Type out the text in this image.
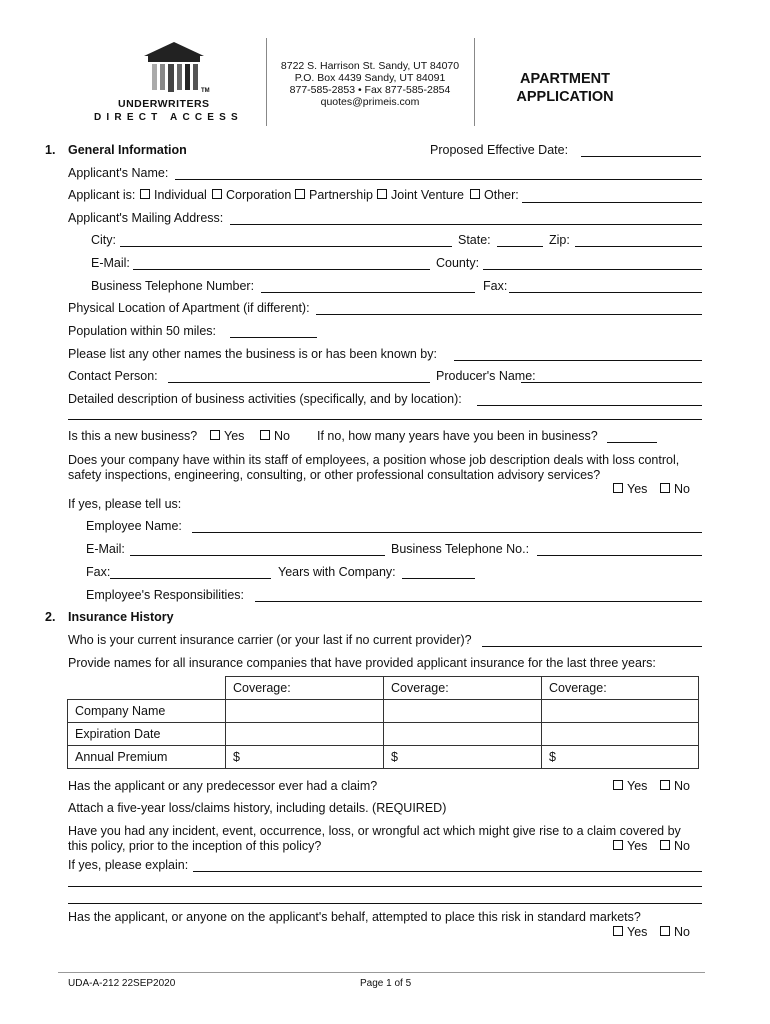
TM
UNDERWRITERS
DIRECT ACCESS
8722 S. Harrison St. Sandy, UT 84070
P.O. Box 4439 Sandy, UT 84091
877-585-2853 • Fax 877-585-2854
quotes@primeis.com
APARTMENT
APPLICATION
1. General Information	Proposed Effective Date:
Applicant's Name:
Applicant is:	Individual	Corporation	Partnership	Joint Venture	Other:
Applicant's Mailing Address:
City:	State:	Zip:
E-Mail:	County:
Business Telephone Number:	Fax:
Physical Location of Apartment (if different):
Population within 50 miles:
Please list any other names the business is or has been known by:
Contact Person:	Producer's Name:
Detailed description of business activities (specifically, and by location):
Is this a new business?	Yes	No If no, how many years have you been in business?
Does your company have within its staff of employees, a position whose job description deals with loss control,
safety inspections, engineering, consulting, or other professional consultation advisory services?
Yes	No
If yes, please tell us:
Employee Name:
E-Mail:	Business Telephone No.:
Fax:	Years with Company:
Employee's Responsibilities:
2. Insurance History
Who is your current insurance carrier (or your last if no current provider)?
Provide names for all insurance companies that have provided applicant insurance for the last three years:
	Coverage:	Coverage:	Coverage:
Company Name			
Expiration Date			
Annual Premium	$	$	$
Has the applicant or any predecessor ever had a claim?	Yes	No
Attach a five-year loss/claims history, including details. (REQUIRED)
Have you had any incident, event, occurrence, loss, or wrongful act which might give rise to a claim covered by
this policy, prior to the inception of this policy?	Yes	No
If yes, please explain:
Has the applicant, or anyone on the applicant's behalf, attempted to place this risk in standard markets?
Yes	No
UDA-A-212 22SEP2020	Page 1 of 5
